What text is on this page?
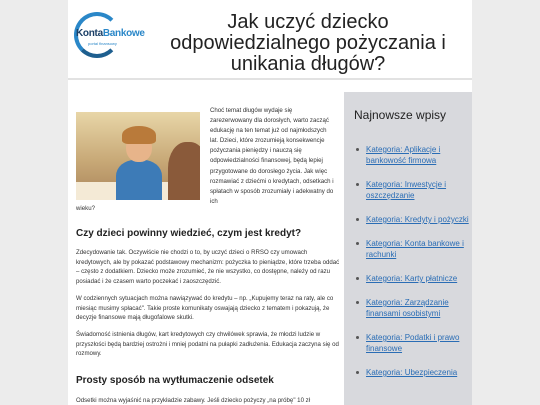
KontaBankowe
portal finansowy
Jak uczyć dziecko odpowiedzialnego pożyczania i unikania długów?
Choć temat długów wydaje się zarezerwowany dla dorosłych, warto zacząć edukację na ten temat już od najmłodszych lat. Dzieci, które zrozumieją konsekwencje pożyczania pieniędzy i nauczą się odpowiedzialności finansowej, będą lepiej przygotowane do dorosłego życia. Jak więc rozmawiać z dziećmi o kredytach, odsetkach i spłatach w sposób zrozumiały i adekwatny do ich
wieku?
Czy dzieci powinny wiedzieć, czym jest kredyt?
Zdecydowanie tak. Oczywiście nie chodzi o to, by uczyć dzieci o RRSO czy umowach kredytowych, ale by pokazać podstawowy mechanizm: pożyczka to pieniądze, które trzeba oddać – często z dodatkiem. Dziecko może zrozumieć, że nie wszystko, co dostępne, należy od razu posiadać i że czasem warto poczekać i zaoszczędzić.
W codziennych sytuacjach można nawiązywać do kredytu – np. „Kupujemy teraz na raty, ale co miesiąc musimy spłacać". Takie proste komunikaty oswajają dziecko z tematem i pokazują, że decyzje finansowe mają długofalowe skutki.
Świadomość istnienia długów, kart kredytowych czy chwilówek sprawia, że młodzi ludzie w przyszłości będą bardziej ostrożni i mniej podatni na pułapki zadłużenia. Edukacja zaczyna się od rozmowy.
Prosty sposób na wytłumaczenie odsetek
Odsetki można wyjaśnić na przykładzie zabawy. Jeśli dziecko pożyczy „na próbę" 10 zł
Najnowsze wpisy
Kategoria: Aplikacje i bankowość firmowa
Kategoria: Inwestycje i oszczędzanie
Kategoria: Kredyty i pożyczki
Kategoria: Konta bankowe i rachunki
Kategoria: Karty płatnicze
Kategoria: Zarządzanie finansami osobistymi
Kategoria: Podatki i prawo finansowe
Kategoria: Ubezpieczenia
